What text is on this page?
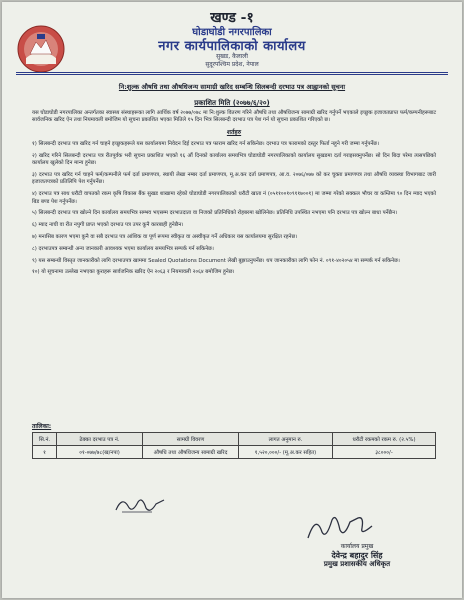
खण्ड -१
घोडाघोडी नगरपालिका
नगर कार्यपालिकाको कार्यालय
सुखड, कैलाली
सुदूरपश्चिम प्रदेश, नेपाल
नि:शुल्क औषधि तथा औषधिजन्य सामाग्री खरिद सम्बन्धि सिलबन्दी दरभाउ पत्र आह्वानको सूचना
प्रकाशित मिति (२०७७/६/२०)

यस घोडाघोडी नगरपालिका अन्तर्गतका स्वास्थ्य संस्थाहरूका लागि आर्थिक वर्ष २०७७/०७८ मा नि:शुल्क वितरण गरिने औषधि तथा औषधिजन्य सामाग्री खरिद गर्नुपर्ने भएकाले इच्छुक इजाजतप्राप्त फर्म/कम्पनीहरूबाट सार्वजनिक खरिद ऐन तथा नियमावली बमोजिम यो सूचना प्रकाशित भएका मितिले १५ दिन भित्र सिलबन्दी दरभाउ पत्र पेश गर्न यो सूचना प्रकाशित गरिएको छ।

शर्तहरु

१) सिलबन्दी दरभाउ पत्र खरिद गर्न चाहने इच्छुकहरूले यस कार्यालयमा निवेदन दिई दरभाउ पत्र फाराम खरिद गर्न सकिनेछ। दरभाउ पत्र फारामको दस्तुर फिर्ता नहुने गरी जम्मा गर्नुपर्नेछ।

२) खरिद गरिने सिलबन्दी दरभाउ पत्र रीतपूर्वक भरी सूचना प्रकाशित भएको १६ औं दिनको कार्यालय समयभित्र घोडाघोडी नगरपालिकाको कार्यालय सुखडमा दर्ता गराइसक्नुपर्नेछ। सो दिन बिदा परेमा त्यसपछिको कार्यालय खुलेको दिन मान्य हुनेछ।

३) दरभाउ पत्र खरिद गर्न चाहने फर्म/कम्पनीले फर्म दर्ता प्रमाणपत्र, स्थायी लेखा नम्बर दर्ता प्रमाणपत्र, मू.अ.कर दर्ता प्रमाणपत्र, आ.व. २०७६/०७७ को कर चुक्ता प्रमाणपत्र तथा औषधि व्यवस्था विभागबाट जारी इजाजतपत्रको प्रतिलिपि पेश गर्नुपर्नेछ।

४) दरभाउ पत्र साथ धरौटी वापतको रकम कृषि विकास बैंक सुखड शाखामा रहेको घोडाघोडी नगरपालिकाको धरौटी खाता नं (०५११००१०९११७००१) मा जम्मा गरेको सक्कल भौचर वा कम्तिमा ९० दिन म्याद भएको बिड बण्ड पेश गर्नुपर्नेछ।

५) सिलबन्दी दरभाउ पत्र खोल्ने दिन कार्यालय समयभित्र सम्भव भएसम्म दरभाउदाता वा निजको प्रतिनिधिको रोहबरमा खोलिनेछ। प्रतिनिधि उपस्थित नभएमा पनि दरभाउ पत्र खोल्न बाधा पर्नेछैन।

६) म्याद नाघी वा रीत नपुगी प्राप्त भएको दरभाउ पत्र उपर कुनै कारबाही हुनेछैन।

७) मनासिब कारण भएमा कुनै वा सबै दरभाउ पत्र आंशिक वा पूर्ण रूपमा स्वीकृत वा अस्वीकृत गर्ने अधिकार यस कार्यालयमा सुरक्षित रहनेछ।

८) दरभाउपत्र सम्बन्धी अन्य जानकारी आवश्यक भएमा कार्यालय समयभित्र सम्पर्क गर्न सकिनेछ।

९) यस सम्बन्धी विस्तृत जानकारीको लागि दरभाउपत्र खाममा Sealed Quotations Document लेखी बुझाउनुपर्नेछ। थप जानकारीका लागि फोन नं. ०९१-४०२०५४ मा सम्पर्क गर्न सकिनेछ।

१०) यो सूचनामा उल्लेख नभएका कुराहरू सार्वजनिक खरिद ऐन २०६३ र नियमावली २०६४ बमोजिम हुनेछ।

तालिका:
सि.नं.	ठेक्का दरभाउ पत्र नं.	सामग्री विवरण	लागत अनुमान रु.	धरौटी रकमको रकम रु. (२.५%)
१	०१-०७७/७८(ख/नपा)	औषधि तथा औषधिजन्य सामाग्री खरिद	१,५२०,०००/- (मू.अ.कर सहित)	३८०००/-
कार्यालय प्रमुख
देवेन्द्र बहादुर सिंह
प्रमुख प्रशासकीय अधिकृत
